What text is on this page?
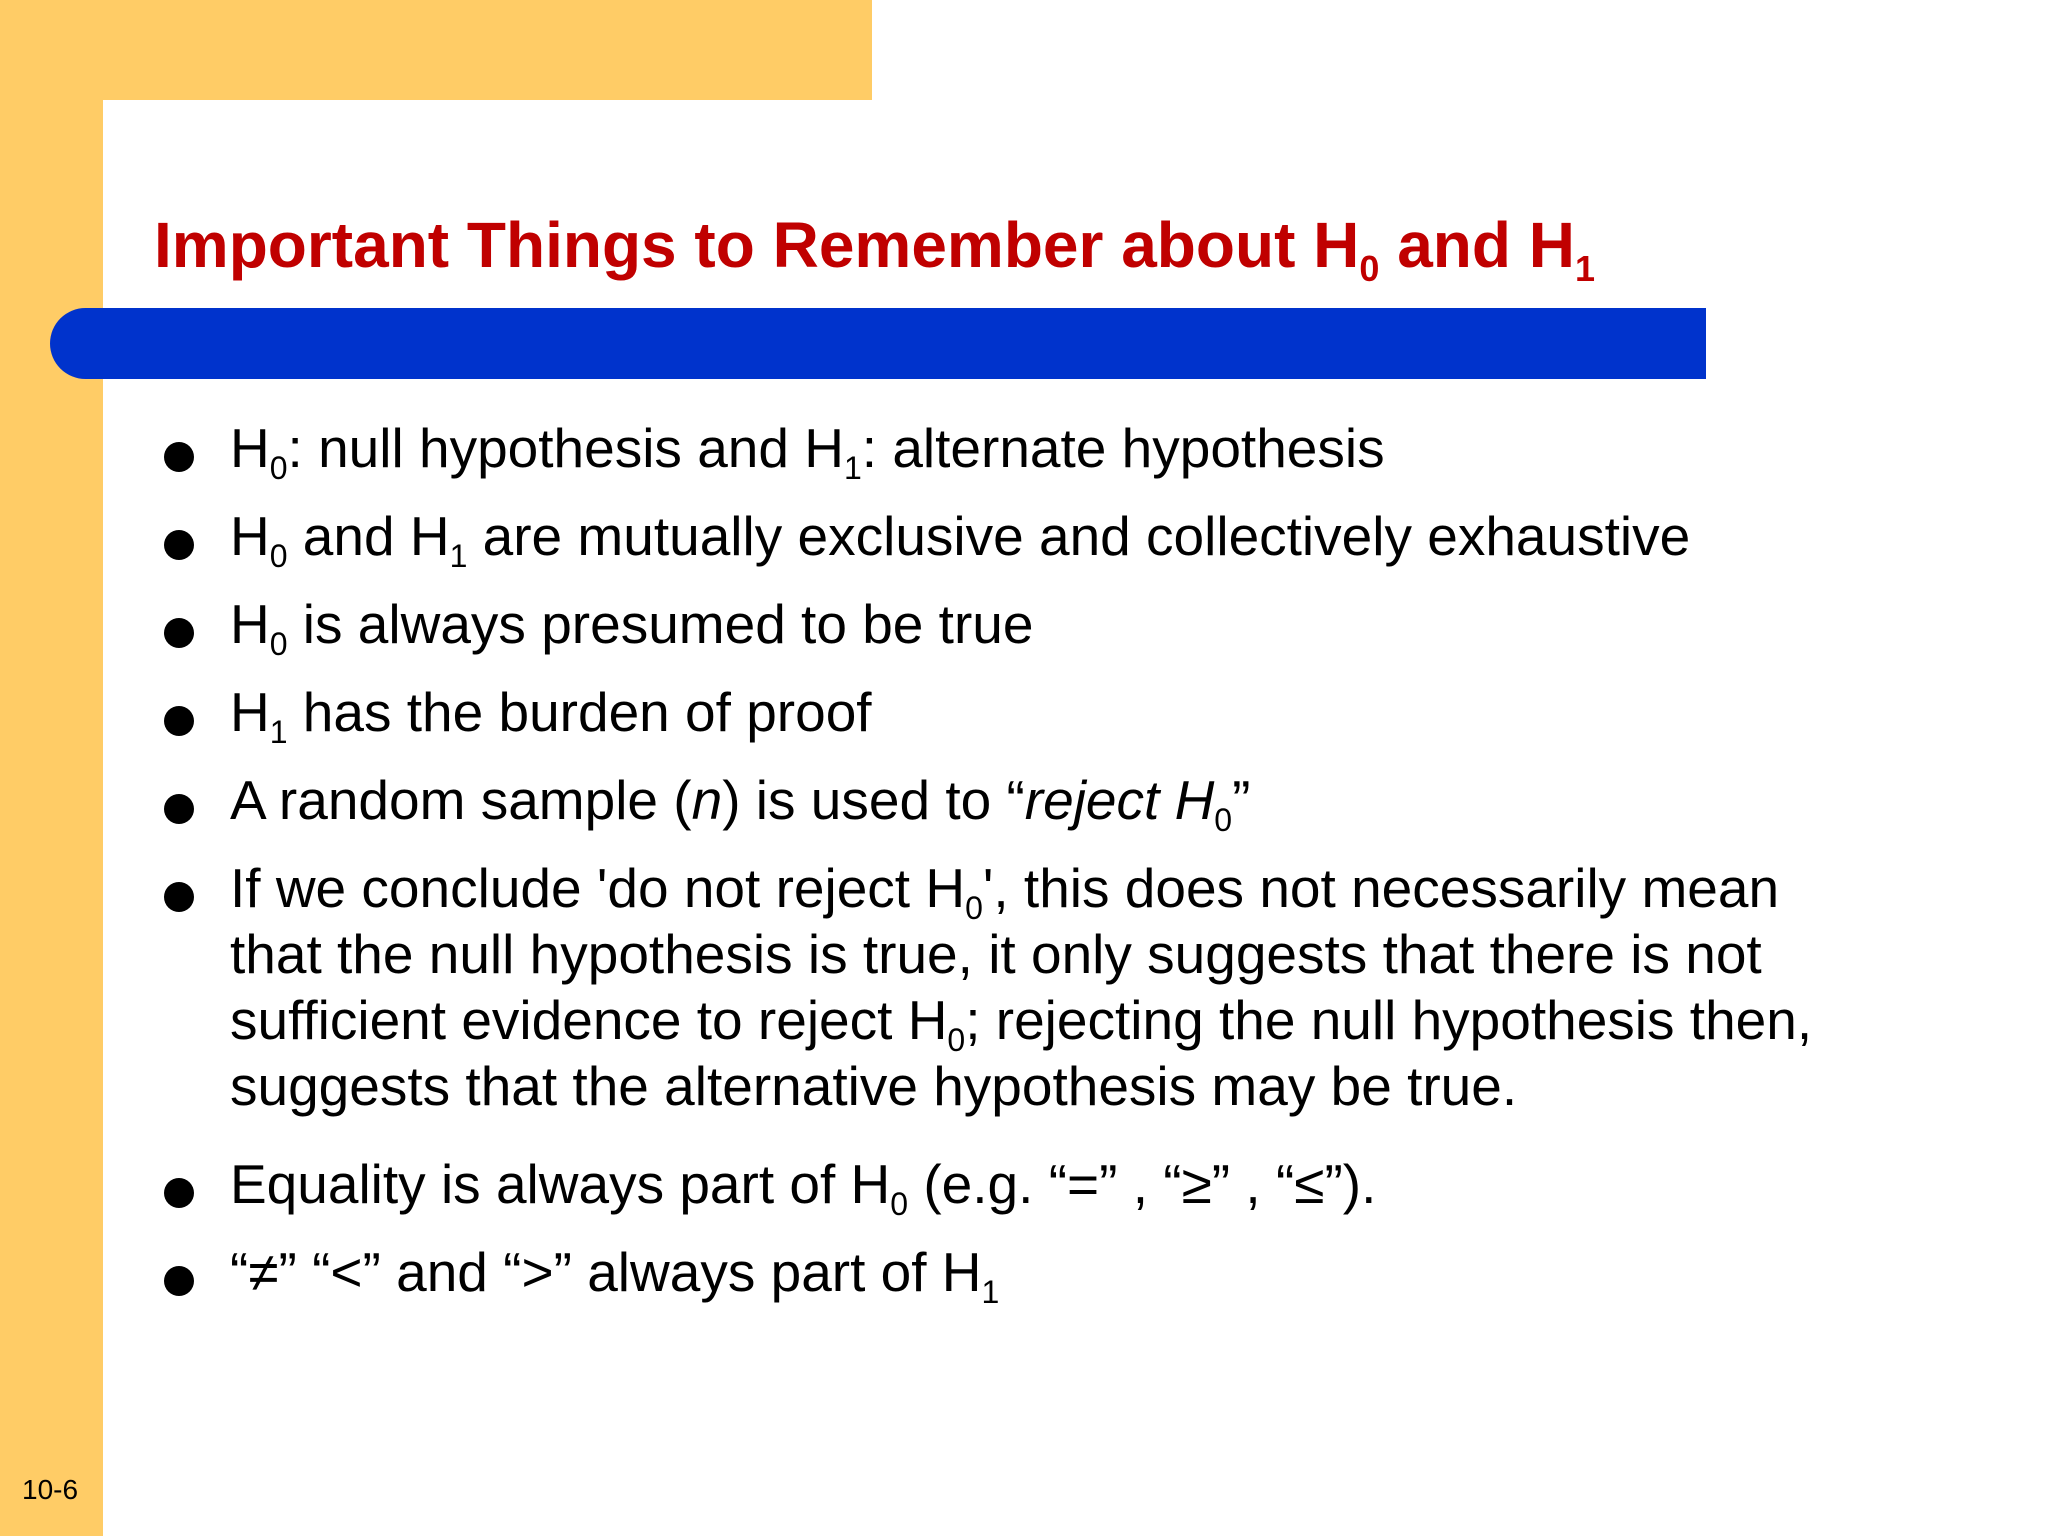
Important Things to Remember about $H_0$ and $H_1$
$H_0$: null hypothesis and $H_1$: alternate hypothesis
$H_0$ and $H_1$ are mutually exclusive and collectively exhaustive
$H_0$ is always presumed to be true
$H_1$ has the burden of proof
A random sample (n) is used to “reject $H_0$”
If we conclude 'do not reject $H_0'$, this does not necessarily mean
that the null hypothesis is true, it only suggests that there is not
sufficient evidence to reject $H_0$; rejecting the null hypothesis then,
suggests that the alternative hypothesis may be true.
Equality is always part of $H_0$ (e.g. “=” , “≥” , “≤”).
“≠” “<” and “>” always part of $H_1$
10-6
